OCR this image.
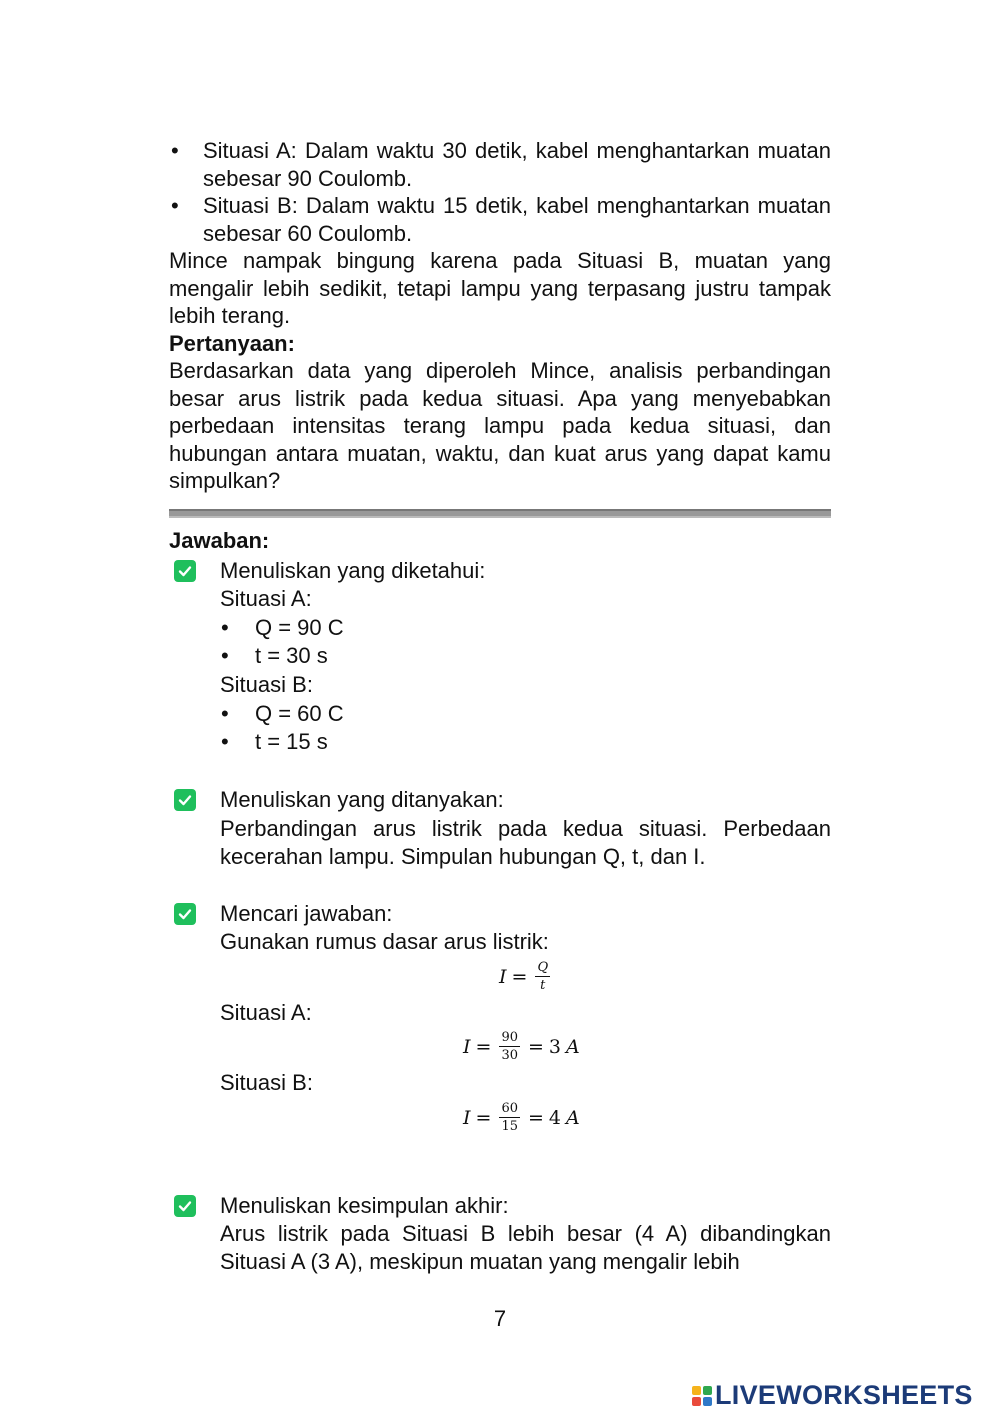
• Situasi A: Dalam waktu 30 detik, kabel menghantarkan muatan sebesar 90 Coulomb.
• Situasi B: Dalam waktu 15 detik, kabel menghantarkan muatan sebesar 60 Coulomb.

Mince nampak bingung karena pada Situasi B, muatan yang mengalir lebih sedikit, tetapi lampu yang terpasang justru tampak lebih terang.

Pertanyaan:

Berdasarkan data yang diperoleh Mince, analisis perbandingan besar arus listrik pada kedua situasi. Apa yang menyebabkan perbedaan intensitas terang lampu pada kedua situasi, dan hubungan antara muatan, waktu, dan kuat arus yang dapat kamu simpulkan?

Jawaban:
Menuliskan yang diketahui:
Situasi A:
• Q = 90 C
• t = 30 s
Situasi B:
• Q = 60 C
• t = 15 s
Menuliskan yang ditanyakan:
Perbandingan arus listrik pada kedua situasi. Perbedaan kecerahan lampu. Simpulan hubungan Q, t, dan I.
Mencari jawaban:
Gunakan rumus dasar arus listrik:
$I = \frac{Q}{t}$
Situasi A:
$I = \frac{90}{30} = 3$ A
Situasi B:
$I = \frac{60}{15} = 4$ A
Menuliskan kesimpulan akhir:
Arus listrik pada Situasi B lebih besar (4 A) dibandingkan Situasi A (3 A), meskipun muatan yang mengalir lebih
7
LIVEWORKSHEETS
